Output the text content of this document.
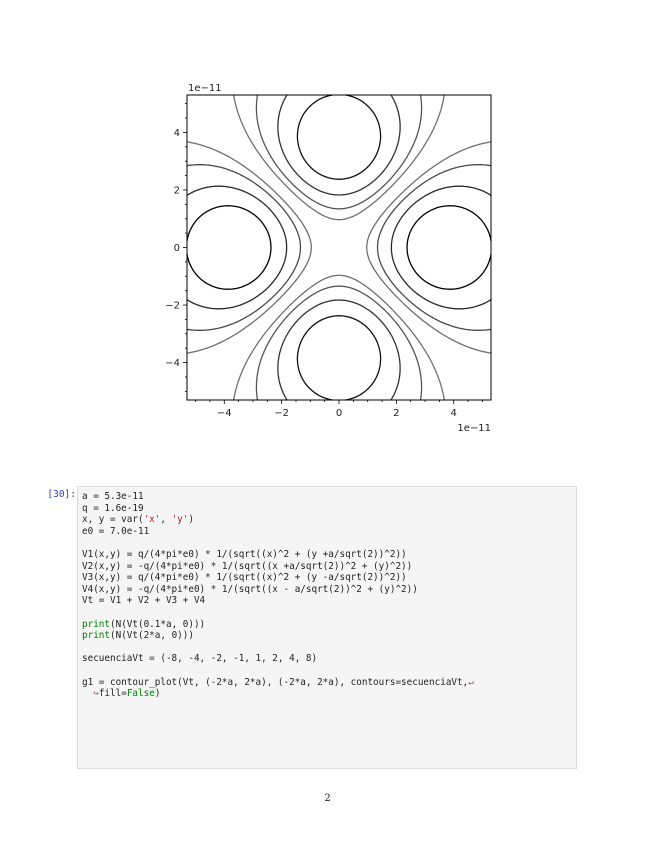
−4	−2	0	2	4
−4
−2
0
2
4
1e−11
1e−11
[30]: a = 5.3e-11
q = 1.6e-19
x, y = var('x', 'y')
e0 = 7.0e-11
V1(x,y) = q/(4*pi*e0) * 1/(sqrt((x)^2 + (y +a/sqrt(2))^2))
V2(x,y) = -q/(4*pi*e0) * 1/(sqrt((x +a/sqrt(2))^2 + (y)^2))
V3(x,y) = q/(4*pi*e0) * 1/(sqrt((x)^2 + (y -a/sqrt(2))^2))
V4(x,y) = -q/(4*pi*e0) * 1/(sqrt((x - a/sqrt(2))^2 + (y)^2))
Vt = V1 + V2 + V3 + V4
print(N(Vt(0.1*a, 0)))
print(N(Vt(2*a, 0)))
secuenciaVt = (-8, -4, -2, -1, 1, 2, 4, 8)
g1 = contour_plot(Vt, (-2*a, 2*a), (-2*a, 2*a), contours=secuenciaVt,↵
↪fill=False)
2
